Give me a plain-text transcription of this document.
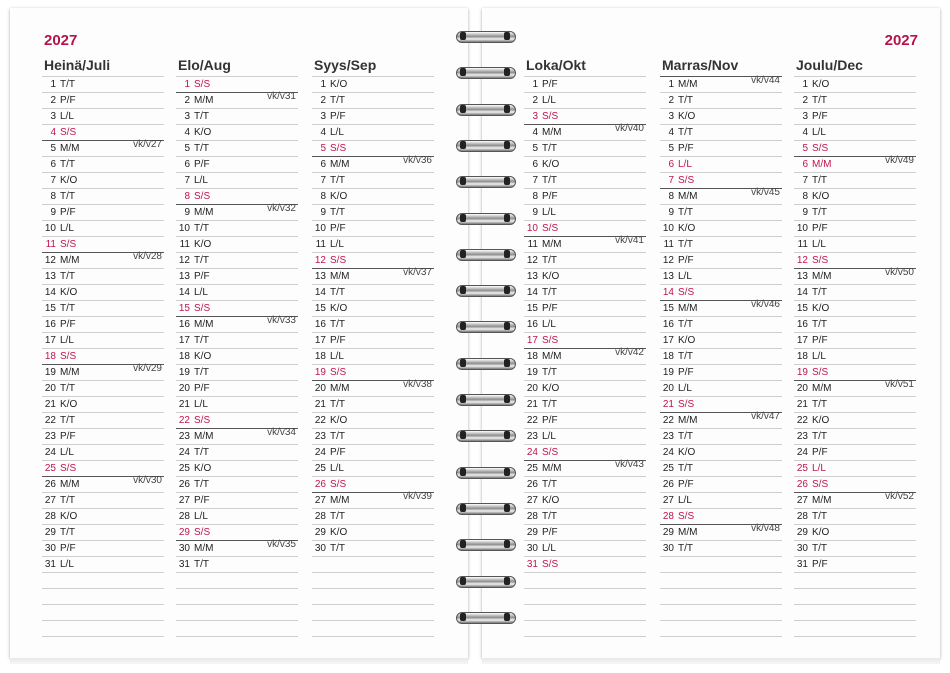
2027
Heinä/Juli
1 T/T
2 P/F
3 L/L
4 S/S
5 M/M	vk/v27
6 T/T
7 K/O
8 T/T
9 P/F
10 L/L
11 S/S
12 M/M	vk/v28
13 T/T
14 K/O
15 T/T
16 P/F
17 L/L
18 S/S
19 M/M	vk/v29
20 T/T
21 K/O
22 T/T
23 P/F
24 L/L
25 S/S
26 M/M	vk/v30
27 T/T
28 K/O
29 T/T
30 P/F
31 L/L
Elo/Aug
1 S/S
2 M/M	vk/v31
3 T/T
4 K/O
5 T/T
6 P/F
7 L/L
8 S/S
9 M/M	vk/v32
10 T/T
11 K/O
12 T/T
13 P/F
14 L/L
15 S/S
16 M/M	vk/v33
17 T/T
18 K/O
19 T/T
20 P/F
21 L/L
22 S/S
23 M/M	vk/v34
24 T/T
25 K/O
26 T/T
27 P/F
28 L/L
29 S/S
30 M/M	vk/v35
31 T/T
Syys/Sep
1 K/O
2 T/T
3 P/F
4 L/L
5 S/S
6 M/M	vk/v36
7 T/T
8 K/O
9 T/T
10 P/F
11 L/L
12 S/S
13 M/M	vk/v37
14 T/T
15 K/O
16 T/T
17 P/F
18 L/L
19 S/S
20 M/M	vk/v38
21 T/T
22 K/O
23 T/T
24 P/F
25 L/L
26 S/S
27 M/M	vk/v39
28 T/T
29 K/O
30 T/T
2027
Loka/Okt
1 P/F
2 L/L
3 S/S
4 M/M	vk/v40
5 T/T
6 K/O
7 T/T
8 P/F
9 L/L
10 S/S
11 M/M	vk/v41
12 T/T
13 K/O
14 T/T
15 P/F
16 L/L
17 S/S
18 M/M	vk/v42
19 T/T
20 K/O
21 T/T
22 P/F
23 L/L
24 S/S
25 M/M	vk/v43
26 T/T
27 K/O
28 T/T
29 P/F
30 L/L
31 S/S
Marras/Nov
1 M/M	vk/v44
2 T/T
3 K/O
4 T/T
5 P/F
6 L/L
7 S/S
8 M/M	vk/v45
9 T/T
10 K/O
11 T/T
12 P/F
13 L/L
14 S/S
15 M/M	vk/v46
16 T/T
17 K/O
18 T/T
19 P/F
20 L/L
21 S/S
22 M/M	vk/v47
23 T/T
24 K/O
25 T/T
26 P/F
27 L/L
28 S/S
29 M/M	vk/v48
30 T/T
Joulu/Dec
1 K/O
2 T/T
3 P/F
4 L/L
5 S/S
6 M/M	vk/v49
7 T/T
8 K/O
9 T/T
10 P/F
11 L/L
12 S/S
13 M/M	vk/v50
14 T/T
15 K/O
16 T/T
17 P/F
18 L/L
19 S/S
20 M/M	vk/v51
21 T/T
22 K/O
23 T/T
24 P/F
25 L/L
26 S/S
27 M/M	vk/v52
28 T/T
29 K/O
30 T/T
31 P/F
